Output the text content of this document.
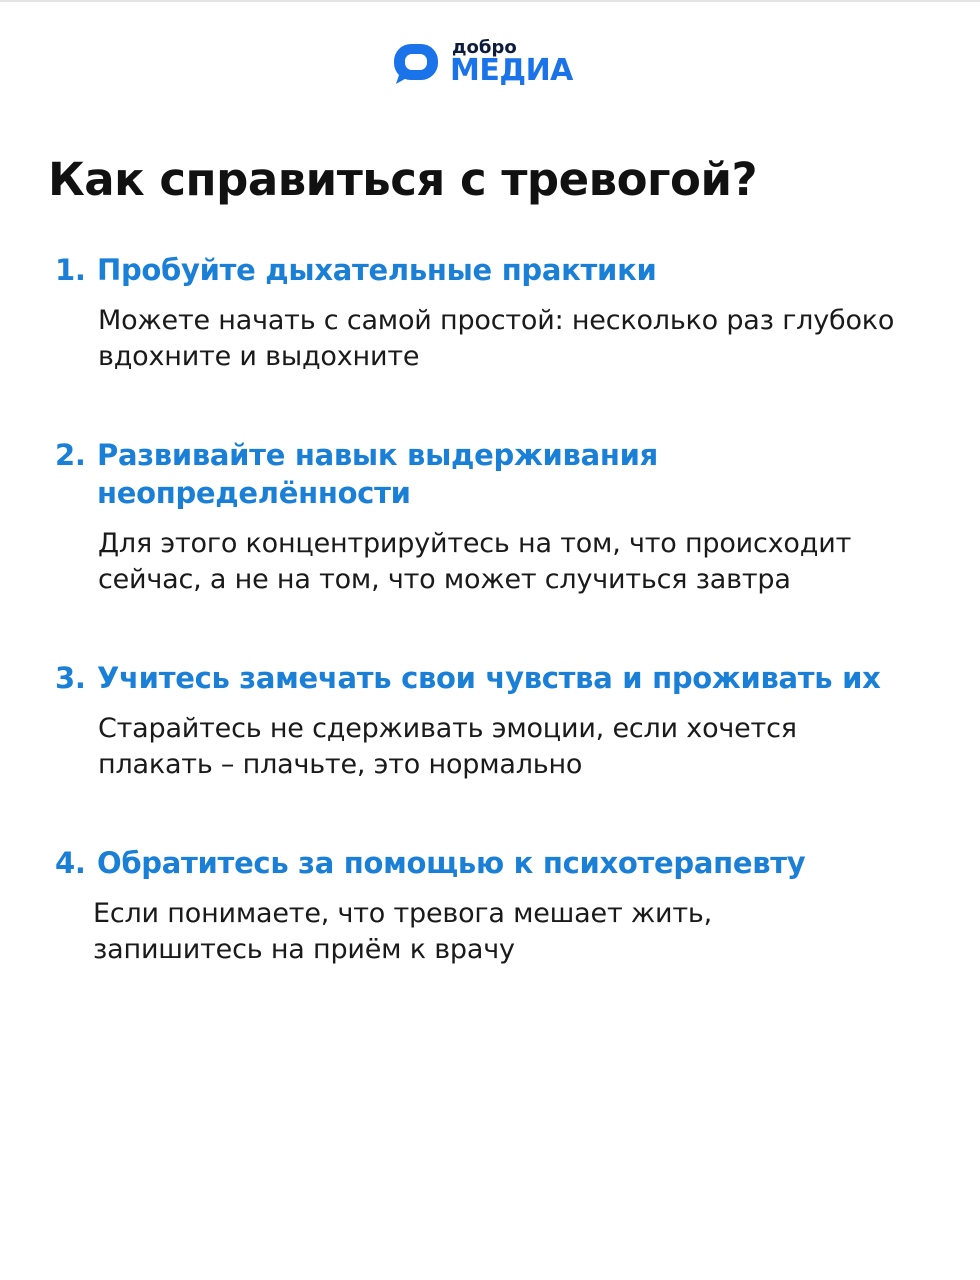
добро
МЕДИА
Как справиться с тревогой?
1. Пробуйте дыхательные практики
Можете начать с самой простой: несколько раз глубоко вдохните и выдохните
2. Развивайте навык выдерживания неопределённости
Для этого концентрируйтесь на том, что происходит сейчас, а не на том, что может случиться завтра
3. Учитесь замечать свои чувства и проживать их
Старайтесь не сдерживать эмоции, если хочется плакать – плачьте, это нормально
4. Обратитесь за помощью к психотерапевту
Если понимаете, что тревога мешает жить, запишитесь на приём к врачу
